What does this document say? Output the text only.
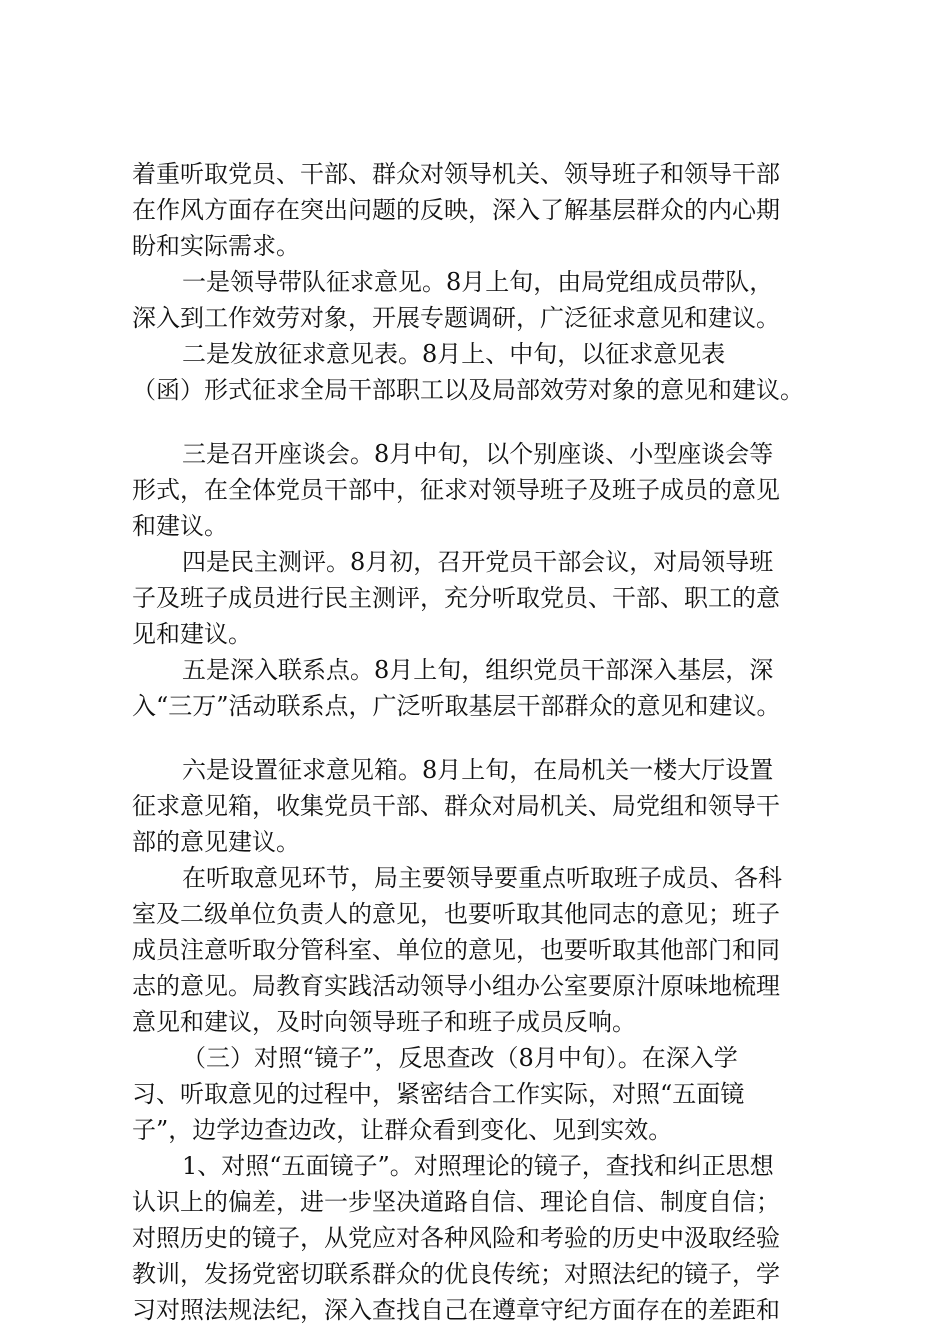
着重听取党员、干部、群众对领导机关、领导班子和领导干部
在作风方面存在突出问题的反映，深入了解基层群众的内心期
盼和实际需求。
一是领导带队征求意见。8月上旬，由局党组成员带队，
深入到工作效劳对象，开展专题调研，广泛征求意见和建议。
二是发放征求意见表。8月上、中旬，以征求意见表
（函）形式征求全局干部职工以及局部效劳对象的意见和建议。
三是召开座谈会。8月中旬，以个别座谈、小型座谈会等
形式，在全体党员干部中，征求对领导班子及班子成员的意见
和建议。
四是民主测评。8月初，召开党员干部会议，对局领导班
子及班子成员进行民主测评，充分听取党员、干部、职工的意
见和建议。
五是深入联系点。8月上旬，组织党员干部深入基层，深
入“三万”活动联系点，广泛听取基层干部群众的意见和建议。
六是设置征求意见箱。8月上旬，在局机关一楼大厅设置
征求意见箱，收集党员干部、群众对局机关、局党组和领导干
部的意见建议。
在听取意见环节，局主要领导要重点听取班子成员、各科
室及二级单位负责人的意见，也要听取其他同志的意见；班子
成员注意听取分管科室、单位的意见，也要听取其他部门和同
志的意见。局教育实践活动领导小组办公室要原汁原味地梳理
意见和建议，及时向领导班子和班子成员反响。
（三）对照“镜子”，反思查改（8月中旬）。在深入学
习、听取意见的过程中，紧密结合工作实际，对照“五面镜
子”，边学边查边改，让群众看到变化、见到实效。
1、对照“五面镜子”。对照理论的镜子，查找和纠正思想
认识上的偏差，进一步坚决道路自信、理论自信、制度自信；
对照历史的镜子，从党应对各种风险和考验的历史中汲取经验
教训，发扬党密切联系群众的优良传统；对照法纪的镜子，学
习对照法规法纪，深入查找自己在遵章守纪方面存在的差距和
